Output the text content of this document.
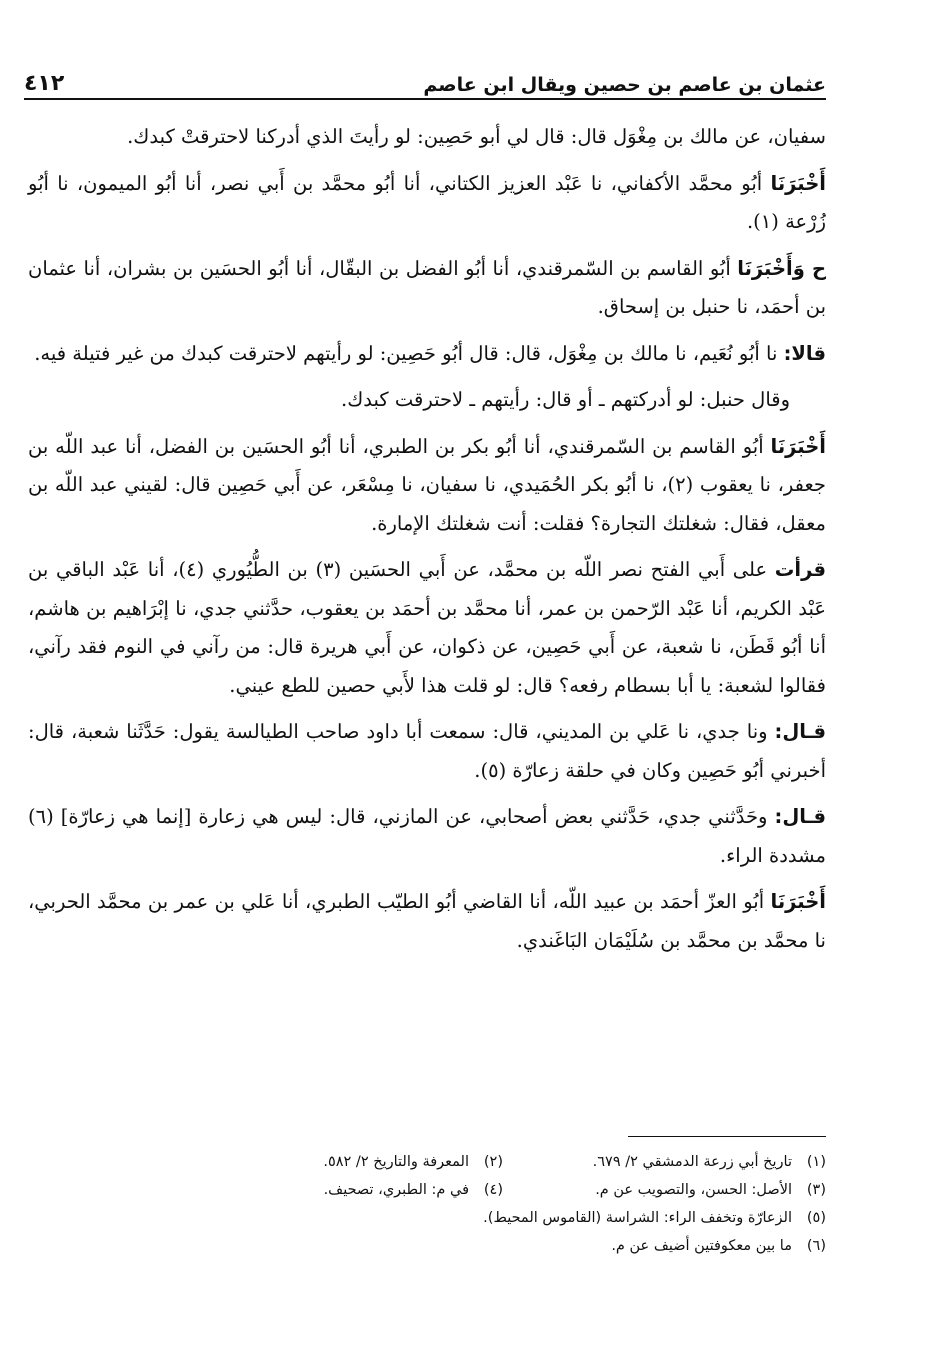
عثمان بن عاصم بن حصين ويقال ابن عاصم
٤١٢

سفيان، عن مالك بن مِغْوَل قال: قال لي أبو حَصِين: لو رأيتَ الذي أدركنا لاحترقتْ كبدك.

أَخْبَرَنَا أبُو محمَّد الأكفاني، نا عَبْد العزيز الكتاني، أنا أبُو محمَّد بن أَبي نصر، أنا أبُو الميمون، نا أبُو زُرْعة (١).

ح وَأَخْبَرَنَا أبُو القاسم بن السّمرقندي، أنا أبُو الفضل بن البقّال، أنا أبُو الحسَين بن بشران، أنا عثمان بن أحمَد، نا حنبل بن إسحاق.

قالا: نا أبُو نُعَيم، نا مالك بن مِغْوَل، قال: قال أبُو حَصِين: لو رأيتهم لاحترقت كبدك من غير فتيلة فيه.

وقال حنبل: لو أدركتهم ـ أو قال: رأيتهم ـ لاحترقت كبدك.

أَخْبَرَنَا أبُو القاسم بن السّمرقندي، أنا أبُو بكر بن الطبري، أنا أبُو الحسَين بن الفضل، أنا عبد اللّه بن جعفر، نا يعقوب (٢)، نا أبُو بكر الحُمَيدي، نا سفيان، نا مِسْعَر، عن أَبي حَصِين قال: لقيني عبد اللّه بن معقل، فقال: شغلتك التجارة؟ فقلت: أنت شغلتك الإمارة.

قرأت على أَبي الفتح نصر اللّه بن محمَّد، عن أَبي الحسَين (٣) بن الطُّيُوري (٤)، أنا عَبْد الباقي بن عَبْد الكريم، أنا عَبْد الرّحمن بن عمر، أنا محمَّد بن أحمَد بن يعقوب، حدَّثني جدي، نا إبْرَاهيم بن هاشم، أنا أبُو قَطَن، نا شعبة، عن أَبي حَصِين، عن ذكوان، عن أَبي هريرة قال: من رآني في النوم فقد رآني، فقالوا لشعبة: يا أبا بسطام رفعه؟ قال: لو قلت هذا لأَبي حصين للطع عيني.

قـال: ونا جدي، نا عَلي بن المديني، قال: سمعت أبا داود صاحب الطيالسة يقول: حَدَّثَنا شعبة، قال: أخبرني أبُو حَصِين وكان في حلقة زعارّة (٥).

قـال: وحَدَّثني جدي، حَدَّثني بعض أصحابي، عن المازني، قال: ليس هي زعارة [إنما هي زعارّة] (٦) مشددة الراء.

أَخْبَرَنَا أبُو العزّ أحمَد بن عبيد اللّه، أنا القاضي أبُو الطيّب الطبري، أنا عَلي بن عمر بن محمَّد الحربي، نا محمَّد بن محمَّد بن سُلَيْمَان البَاغَندي.

(١)تاريخ أبي زرعة الدمشقي ٢/ ٦٧٩.
(٢)المعرفة والتاريخ ٢/ ٥٨٢.
(٣)الأصل: الحسن، والتصويب عن م.
(٤)في م: الطبري، تصحيف.
(٥)الزعارّة وتخفف الراء: الشراسة (القاموس المحيط).
(٦)ما بين معكوفتين أضيف عن م.
